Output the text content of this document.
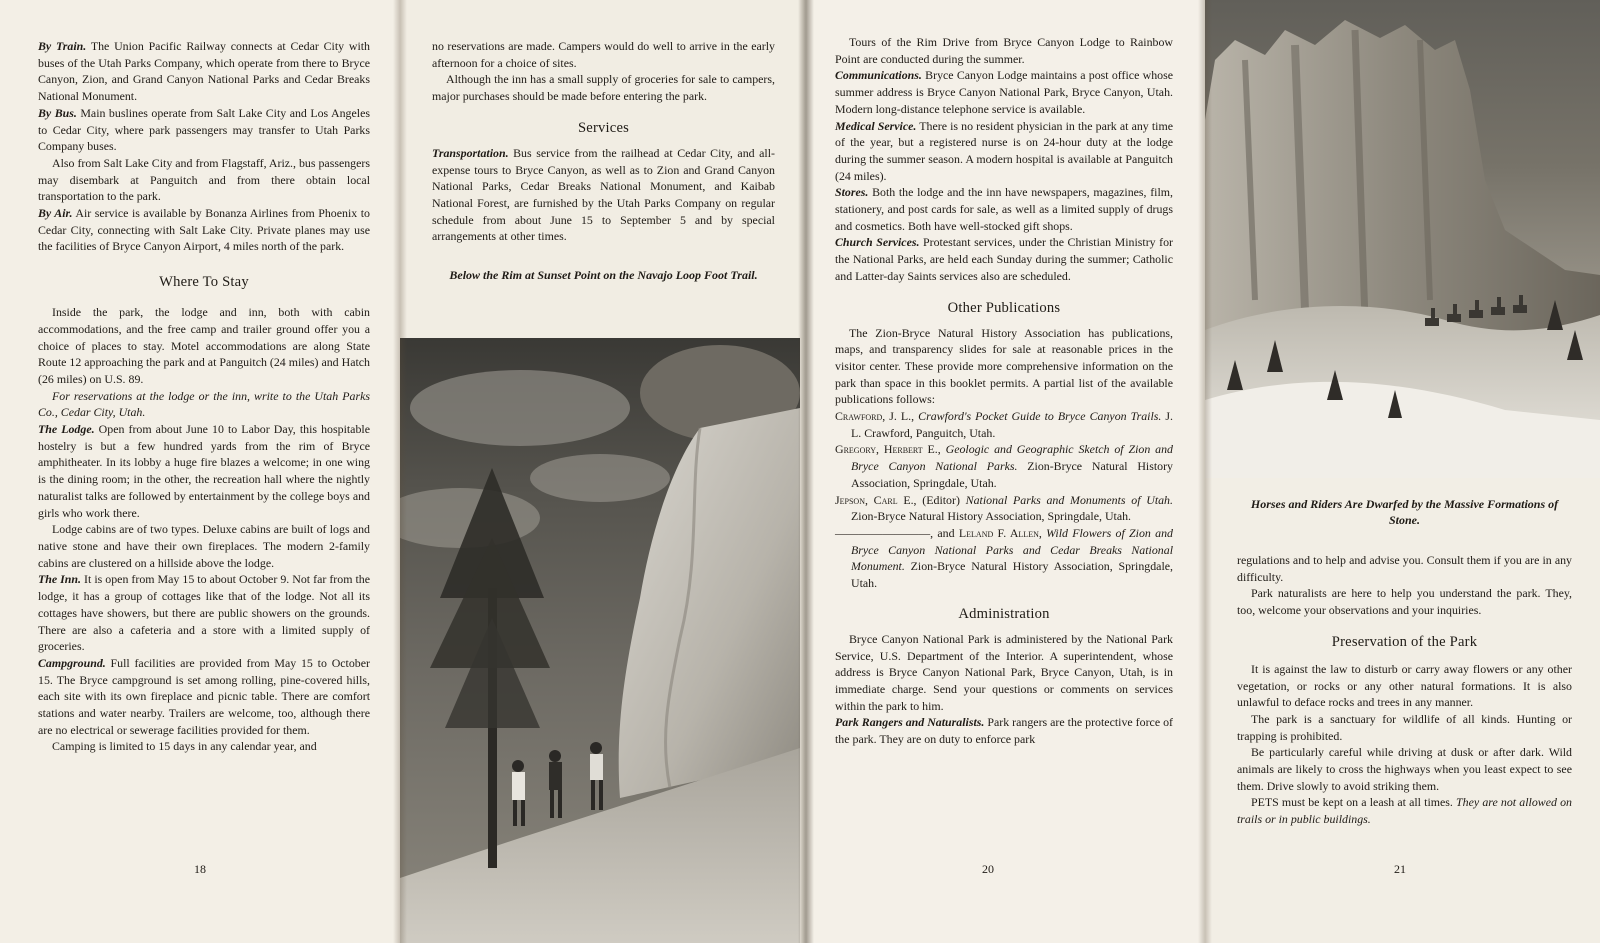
By Train. The Union Pacific Railway connects at Cedar City with buses of the Utah Parks Company, which operate from there to Bryce Canyon, Zion, and Grand Canyon National Parks and Cedar Breaks National Monument.

By Bus. Main buslines operate from Salt Lake City and Los Angeles to Cedar City, where park passengers may transfer to Utah Parks Company buses.

Also from Salt Lake City and from Flagstaff, Ariz., bus passengers may disembark at Panguitch and from there obtain local transportation to the park.

By Air. Air service is available by Bonanza Airlines from Phoenix to Cedar City, connecting with Salt Lake City. Private planes may use the facilities of Bryce Canyon Airport, 4 miles north of the park.

Where To Stay

Inside the park, the lodge and inn, both with cabin accommodations, and the free camp and trailer ground offer you a choice of places to stay. Motel accommodations are along State Route 12 approaching the park and at Panguitch (24 miles) and Hatch (26 miles) on U.S. 89.

For reservations at the lodge or the inn, write to the Utah Parks Co., Cedar City, Utah.

The Lodge. Open from about June 10 to Labor Day, this hospitable hostelry is but a few hundred yards from the rim of Bryce amphitheater. In its lobby a huge fire blazes a welcome; in one wing is the dining room; in the other, the recreation hall where the nightly naturalist talks are followed by entertainment by the college boys and girls who work there.

Lodge cabins are of two types. Deluxe cabins are built of logs and native stone and have their own fireplaces. The modern 2-family cabins are clustered on a hillside above the lodge.

The Inn. It is open from May 15 to about October 9. Not far from the lodge, it has a group of cottages like that of the lodge. Not all its cottages have showers, but there are public showers on the grounds. There are also a cafeteria and a store with a limited supply of groceries.

Campground. Full facilities are provided from May 15 to October 15. The Bryce campground is set among rolling, pine-covered hills, each site with its own fireplace and picnic table. There are comfort stations and water nearby. Trailers are welcome, too, although there are no electrical or sewerage facilities provided for them.

Camping is limited to 15 days in any calendar year, and

18

no reservations are made. Campers would do well to arrive in the early afternoon for a choice of sites.

Although the inn has a small supply of groceries for sale to campers, major purchases should be made before entering the park.

Services

Transportation. Bus service from the railhead at Cedar City, and all-expense tours to Bryce Canyon, as well as to Zion and Grand Canyon National Parks, Cedar Breaks National Monument, and Kaibab National Forest, are furnished by the Utah Parks Company on regular schedule from about June 15 to September 5 and by special arrangements at other times.

Below the Rim at Sunset Point on the Navajo Loop Foot Trail.

Tours of the Rim Drive from Bryce Canyon Lodge to Rainbow Point are conducted during the summer.

Communications. Bryce Canyon Lodge maintains a post office whose summer address is Bryce Canyon National Park, Bryce Canyon, Utah. Modern long-distance telephone service is available.

Medical Service. There is no resident physician in the park at any time of the year, but a registered nurse is on 24-hour duty at the lodge during the summer season. A modern hospital is available at Panguitch (24 miles).

Stores. Both the lodge and the inn have newspapers, magazines, film, stationery, and post cards for sale, as well as a limited supply of drugs and cosmetics. Both have well-stocked gift shops.

Church Services. Protestant services, under the Christian Ministry for the National Parks, are held each Sunday during the summer; Catholic and Latter-day Saints services also are scheduled.

Other Publications

The Zion-Bryce Natural History Association has publications, maps, and transparency slides for sale at reasonable prices in the visitor center. These provide more comprehensive information on the park than space in this booklet permits. A partial list of the available publications follows:

Crawford, J. L., Crawford's Pocket Guide to Bryce Canyon Trails. J. L. Crawford, Panguitch, Utah.

Gregory, Herbert E., Geologic and Geographic Sketch of Zion and Bryce Canyon National Parks. Zion-Bryce Natural History Association, Springdale, Utah.

Jepson, Carl E., (Editor) National Parks and Monuments of Utah. Zion-Bryce Natural History Association, Springdale, Utah.

————————, and Leland F. Allen, Wild Flowers of Zion and Bryce Canyon National Parks and Cedar Breaks National Monument. Zion-Bryce Natural History Association, Springdale, Utah.

Administration

Bryce Canyon National Park is administered by the National Park Service, U.S. Department of the Interior. A superintendent, whose address is Bryce Canyon National Park, Bryce Canyon, Utah, is in immediate charge. Send your questions or comments on services within the park to him.

Park Rangers and Naturalists. Park rangers are the protective force of the park. They are on duty to enforce park

20

Horses and Riders Are Dwarfed by the Massive Formations of Stone.

regulations and to help and advise you. Consult them if you are in any difficulty.

Park naturalists are here to help you understand the park. They, too, welcome your observations and your inquiries.

Preservation of the Park

It is against the law to disturb or carry away flowers or any other vegetation, or rocks or any other natural formations. It is also unlawful to deface rocks and trees in any manner.

The park is a sanctuary for wildlife of all kinds. Hunting or trapping is prohibited.

Be particularly careful while driving at dusk or after dark. Wild animals are likely to cross the highways when you least expect to see them. Drive slowly to avoid striking them.

PETS must be kept on a leash at all times. They are not allowed on trails or in public buildings.

21
